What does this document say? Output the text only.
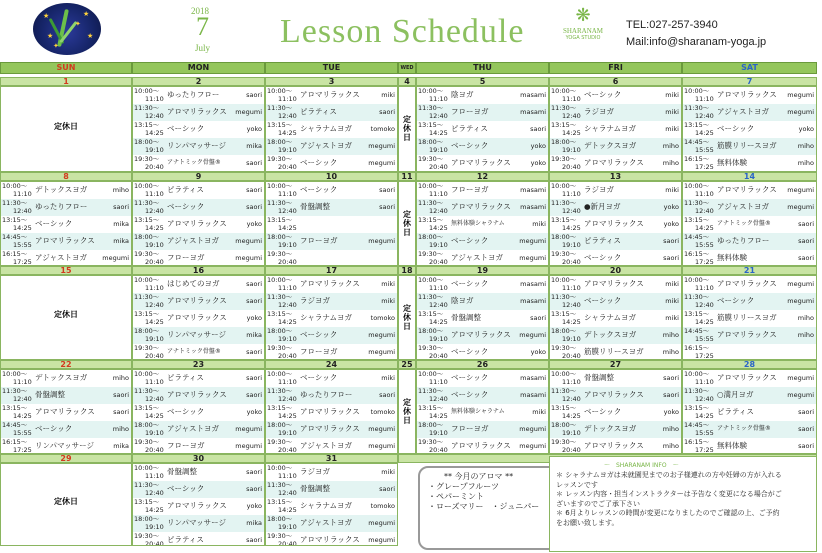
★	★
★	★
✦
✦
2018
7
July Lesson Schedule	❋
SHARANAM
YOGA STUDIO
TEL:027-257-3940
Mail:info@sharanam-yoga.jp
SUN	MON	TUE	WED	THU	FRI	SAT
1
定休日
2
10:00～
11:10 ゆったりフロー	saori
11:30～
12:40 アロマリラックス megumi
13:15～
14:25 ベーシック	yoko
18:00～
19:10 リンパマッサージ	mika
19:30～
20:40
アナトミック骨盤®	saori
3
10:00～
11:10 アロマリラックス	miki
11:30～
12:40 ピラティス	saori
13:15～
14:25 シャラナムヨガ	tomoko
18:00～
19:10 アジャストヨガ megumi
19:30～
20:40 ベーシック	megumi
4
定休日
5
10:00～
11:10 陰ヨガ	masami
11:30～
12:40 フローヨガ	masami
13:15～
14:25 ピラティス	saori
18:00～
19:10 ベーシック	yoko
19:30～
20:40 アロマリラックス	yoko
6
10:00～
11:10 ベーシック	miki
11:30～
12:40 ラジヨガ	miki
13:15～
14:25 シャラナムヨガ	miki
18:00～
19:10 デトックスヨガ	miho
19:30～
20:40 アロマリラックス	miho
7
10:00～
11:10 アロマリラックス megumi
11:30～
12:40 アジャストヨガ	megumi
13:15～
14:25 ベーシック	yoko
14:45～
15:55 筋膜リリースヨガ	miho
16:15～
17:25 無料体験	miho
8
10:00～
11:10 デトックスヨガ	miho
11:30～
12:40 ゆったりフロー	saori
13:15～
14:25 ベーシック	mika
14:45～
15:55 アロマリラックス	mika
16:15～
17:25 アジャストヨガ megumi
9
10:00～
11:10 ピラティス	saori
11:30～
12:40 ベーシック	saori
13:15～
14:25 アロマリラックス	yoko
18:00～
19:10 アジャストヨガ megumi
19:30～
20:40 フローヨガ	megumi
10
10:00～
11:10 ベーシック	saori
11:30～
12:40 骨盤調整	saori
13:15～
14:25
18:00～
19:10 フローヨガ	megumi
19:30～
20:40
11
定休日
12
10:00～
11:10 フローヨガ	masami
11:30～
12:40 アロマリラックス masami
13:15～
14:25
無料体験シャラナム	miki
18:00～
19:10 ベーシック	megumi
19:30～
20:40 アジャストヨガ megumi
13
10:00～
11:10 ラジヨガ	miki
11:30～
12:40 ●新月ヨガ	yoko
13:15～
14:25 アロマリラックス	yoko
18:00～
19:10 ピラティス	saori
19:30～
20:40 ベーシック	saori
14
10:00～
11:10 アロマリラックス megumi
11:30～
12:40 アジャストヨガ	megumi
13:15～
14:25
アナトミック骨盤®	saori
14:45～
15:55 ゆったりフロー	saori
16:15～
17:25 無料体験	saori
15
定休日
16
10:00～
11:10 はじめてのヨガ	saori
11:30～
12:40 アロマリラックス	saori
13:15～
14:25 アロマリラックス	yoko
18:00～
19:10 リンパマッサージ	mika
19:30～
20:40
アナトミック骨盤®	saori
17
10:00～
11:10 アロマリラックス	miki
11:30～
12:40 ラジヨガ	miki
13:15～
14:25 シャラナムヨガ	tomoko
18:00～
19:10 ベーシック	megumi
19:30～
20:40 フローヨガ	megumi
18
定休日
19
10:00～
11:10 ベーシック	masami
11:30～
12:40 陰ヨガ	masami
13:15～
14:25 骨盤調整	saori
18:00～
19:10 アロマリラックス megumi
19:30～
20:40 ベーシック	yoko
20
10:00～
11:10 アロマリラックス	miki
11:30～
12:40 ベーシック	miki
13:15～
14:25 シャラナムヨガ	miki
18:00～
19:10 デトックスヨガ	miho
19:30～
20:40 筋膜リリースヨガ	miho
21
10:00～
11:10 アロマリラックス megumi
11:30～
12:40 ベーシック	megumi
13:15～
14:25 筋膜リリースヨガ	miho
14:45～
15:55 アロマリラックス	miho
16:15～
17:25
22
10:00～
11:10 デトックスヨガ	miho
11:30～
12:40 骨盤調整	saori
13:15～
14:25 アロマリラックス	saori
14:45～
15:55 ベーシック	miho
16:15～
17:25 リンパマッサージ	mika
23
10:00～
11:10 ピラティス	saori
11:30～
12:40 アロマリラックス	saori
13:15～
14:25 ベーシック	yoko
18:00～
19:10 アジャストヨガ megumi
19:30～
20:40 フローヨガ	megumi
24
10:00～
11:10 ベーシック	miki
11:30～
12:40 ゆったりフロー	saori
13:15～
14:25 アロマリラックス tomoko
18:00～
19:10 アロマリラックス megumi
19:30～
20:40 アジャストヨガ megumi
25
定休日
26
10:00～
11:10 ベーシック	masami
11:30～
12:40 ベーシック	masami
13:15～
14:25
無料体験シャラナム	miki
18:00～
19:10 フローヨガ	megumi
19:30～
20:40 アロマリラックス megumi
27
10:00～
11:10 骨盤調整	saori
11:30～
12:40 アロマリラックス	saori
13:15～
14:25 ベーシック	yoko
18:00～
19:10 デトックスヨガ	miho
19:30～
20:40 アロマリラックス	miho
28
10:00～
11:10 アロマリラックス megumi
11:30～
12:40 ○満月ヨガ	megumi
13:15～
14:25 ピラティス	saori
14:45～
15:55
アナトミック骨盤®	saori
16:15～
17:25 無料体験	saori
29
定休日
30
10:00～
11:10 骨盤調整	saori
11:30～
12:40 ベーシック	saori
13:15～
14:25 アロマリラックス	yoko
18:00～
19:10 リンパマッサージ	mika
19:30～
20:40 ピラティス	saori
31
10:00～
11:10 ラジヨガ	miki
11:30～
12:40 骨盤調整	saori
13:15～
14:25 シャラナムヨガ	tomoko
18:00～
19:10 アジャストヨガ megumi
19:30～
20:40 アロマリラックス megumi
** 今月のアロマ **
・グレープフルーツ
・ペパーミント
・ローズマリー　・ジュニパー
～　SHARANAM INFO　～
＊ シャラナムヨガは未就園児までのお子様連れの方や妊婦の方が入れるレッスンです
＊ レッスン内容・担当インストラクターは予告なく変更になる場合がございますのでご了承下さい
＊ 6月よりレッスンの時間が変更になりましたのでご確認の上、ご予約をお願い致します。
